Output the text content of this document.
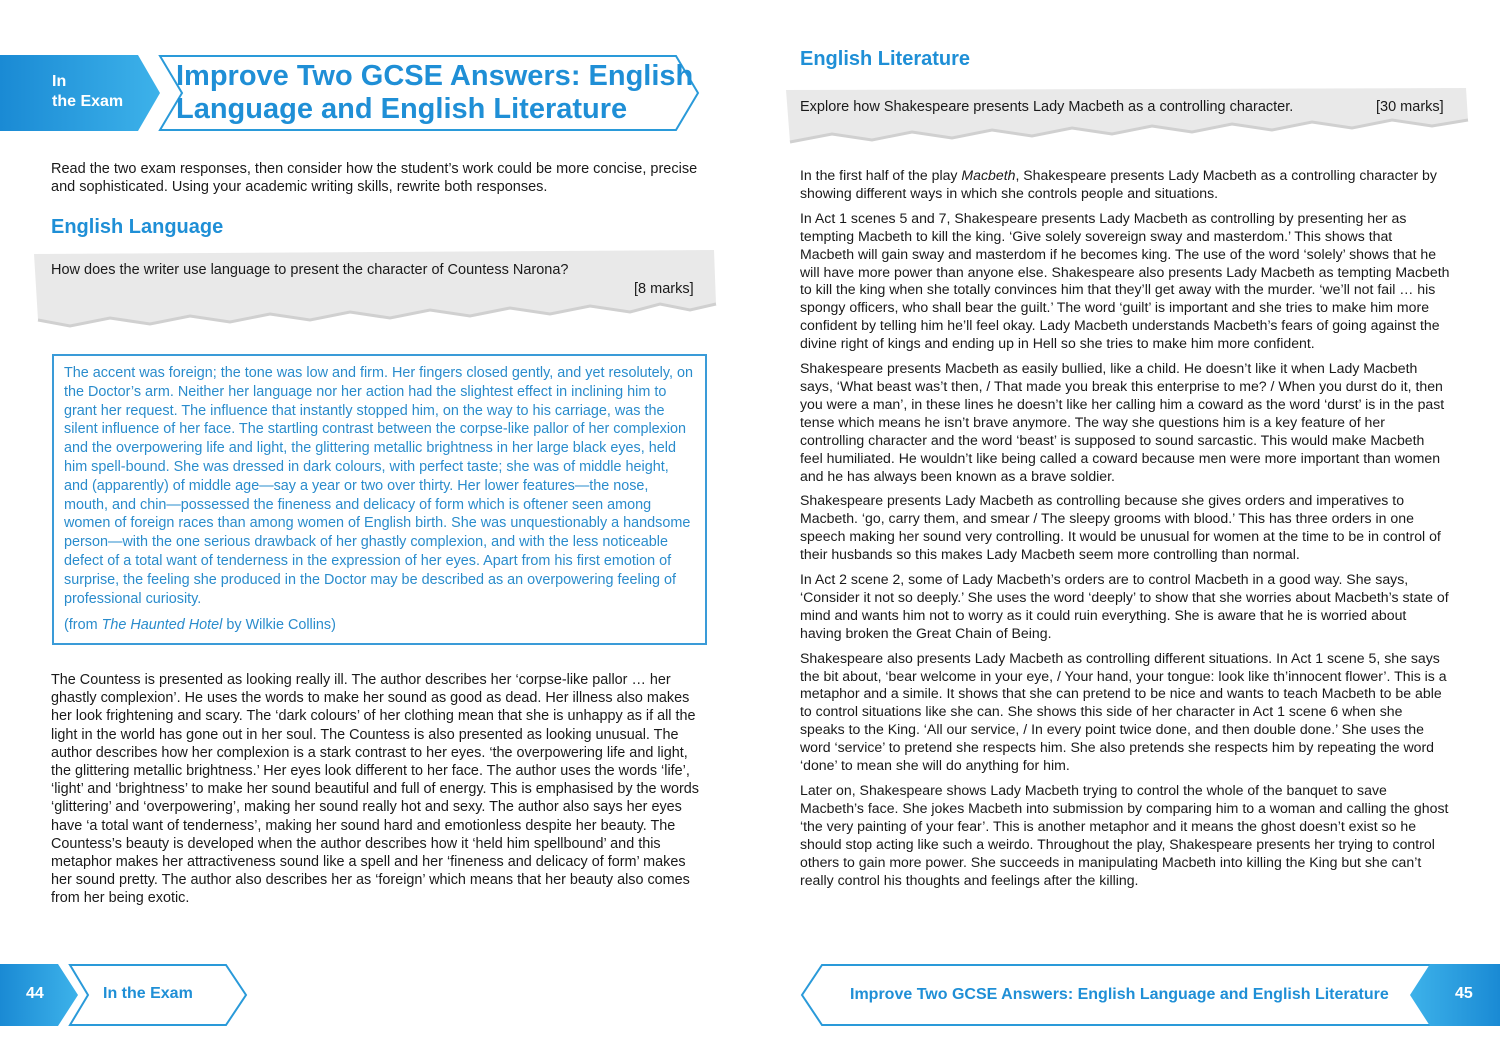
In
the Exam
Improve Two GCSE Answers: English
Language and English Literature
Read the two exam responses, then consider how the student’s work could be more concise, precise and sophisticated. Using your academic writing skills, rewrite both responses.
English Language
How does the writer use language to present the character of Countess Narona?
[8 marks]

The accent was foreign; the tone was low and firm. Her fingers closed gently, and yet resolutely, on the Doctor’s arm. Neither her language nor her action had the slightest effect in inclining him to grant her request. The influence that instantly stopped him, on the way to his carriage, was the silent influence of her face. The startling contrast between the corpse-like pallor of her complexion and the overpowering life and light, the glittering metallic brightness in her large black eyes, held him spell-bound. She was dressed in dark colours, with perfect taste; she was of middle height, and (apparently) of middle age—say a year or two over thirty. Her lower features—the nose, mouth, and chin—possessed the fineness and delicacy of form which is oftener seen among women of foreign races than among women of English birth. She was unquestionably a handsome person—with the one serious drawback of her ghastly complexion, and with the less noticeable defect of a total want of tenderness in the expression of her eyes. Apart from his first emotion of surprise, the feeling she produced in the Doctor may be described as an overpowering feeling of professional curiosity.

(from The Haunted Hotel by Wilkie Collins)

The Countess is presented as looking really ill. The author describes her ‘corpse-like pallor … her ghastly complexion’. He uses the words to make her sound as good as dead. Her illness also makes her look frightening and scary. The ‘dark colours’ of her clothing mean that she is unhappy as if all the light in the world has gone out in her soul. The Countess is also presented as looking unusual. The author describes how her complexion is a stark contrast to her eyes. ‘the overpowering life and light, the glittering metallic brightness.’ Her eyes look different to her face. The author uses the words ‘life’, ‘light’ and ‘brightness’ to make her sound beautiful and full of energy. This is emphasised by the words ‘glittering’ and ‘overpowering’, making her sound really hot and sexy. The author also says her eyes have ‘a total want of tenderness’, making her sound hard and emotionless despite her beauty. The Countess’s beauty is developed when the author describes how it ‘held him spellbound’ and this metaphor makes her attractiveness sound like a spell and her ‘fineness and delicacy of form’ makes her sound pretty. The author also describes her as ‘foreign’ which means that her beauty also comes from her being exotic.

44	In the Exam
English Literature
Explore how Shakespeare presents Lady Macbeth as a controlling character.	[30 marks]

In the first half of the play Macbeth, Shakespeare presents Lady Macbeth as a controlling character by showing different ways in which she controls people and situations.

In Act 1 scenes 5 and 7, Shakespeare presents Lady Macbeth as controlling by presenting her as tempting Macbeth to kill the king. ‘Give solely sovereign sway and masterdom.’ This shows that Macbeth will gain sway and masterdom if he becomes king. The use of the word ‘solely’ shows that he will have more power than anyone else. Shakespeare also presents Lady Macbeth as tempting Macbeth to kill the king when she totally convinces him that they’ll get away with the murder. ‘we’ll not fail … his spongy officers, who shall bear the guilt.’ The word ‘guilt’ is important and she tries to make him more confident by telling him he’ll feel okay. Lady Macbeth understands Macbeth’s fears of going against the divine right of kings and ending up in Hell so she tries to make him more confident.

Shakespeare presents Macbeth as easily bullied, like a child. He doesn’t like it when Lady Macbeth says, ‘What beast was’t then, / That made you break this enterprise to me? / When you durst do it, then you were a man’, in these lines he doesn’t like her calling him a coward as the word ‘durst’ is in the past tense which means he isn’t brave anymore. The way she questions him is a key feature of her controlling character and the word ‘beast’ is supposed to sound sarcastic. This would make Macbeth feel humiliated. He wouldn’t like being called a coward because men were more important than women and he has always been known as a brave soldier.

Shakespeare presents Lady Macbeth as controlling because she gives orders and imperatives to Macbeth. ‘go, carry them, and smear / The sleepy grooms with blood.’ This has three orders in one speech making her sound very controlling. It would be unusual for women at the time to be in control of their husbands so this makes Lady Macbeth seem more controlling than normal.

In Act 2 scene 2, some of Lady Macbeth’s orders are to control Macbeth in a good way. She says, ‘Consider it not so deeply.’ She uses the word ‘deeply’ to show that she worries about Macbeth’s state of mind and wants him not to worry as it could ruin everything. She is aware that he is worried about having broken the Great Chain of Being.

Shakespeare also presents Lady Macbeth as controlling different situations. In Act 1 scene 5, she says the bit about, ‘bear welcome in your eye, / Your hand, your tongue: look like th’innocent flower’. This is a metaphor and a simile. It shows that she can pretend to be nice and wants to teach Macbeth to be able to control situations like she can. She shows this side of her character in Act 1 scene 6 when she speaks to the King. ‘All our service, / In every point twice done, and then double done.’ She uses the word ‘service’ to pretend she respects him. She also pretends she respects him by repeating the word ‘done’ to mean she will do anything for him.

Later on, Shakespeare shows Lady Macbeth trying to control the whole of the banquet to save Macbeth’s face. She jokes Macbeth into submission by comparing him to a woman and calling the ghost ‘the very painting of your fear’. This is another metaphor and it means the ghost doesn’t exist so he should stop acting like such a weirdo. Throughout the play, Shakespeare presents her trying to control others to gain more power. She succeeds in manipulating Macbeth into killing the King but she can’t really control his thoughts and feelings after the killing.

Improve Two GCSE Answers: English Language and English Literature	45
